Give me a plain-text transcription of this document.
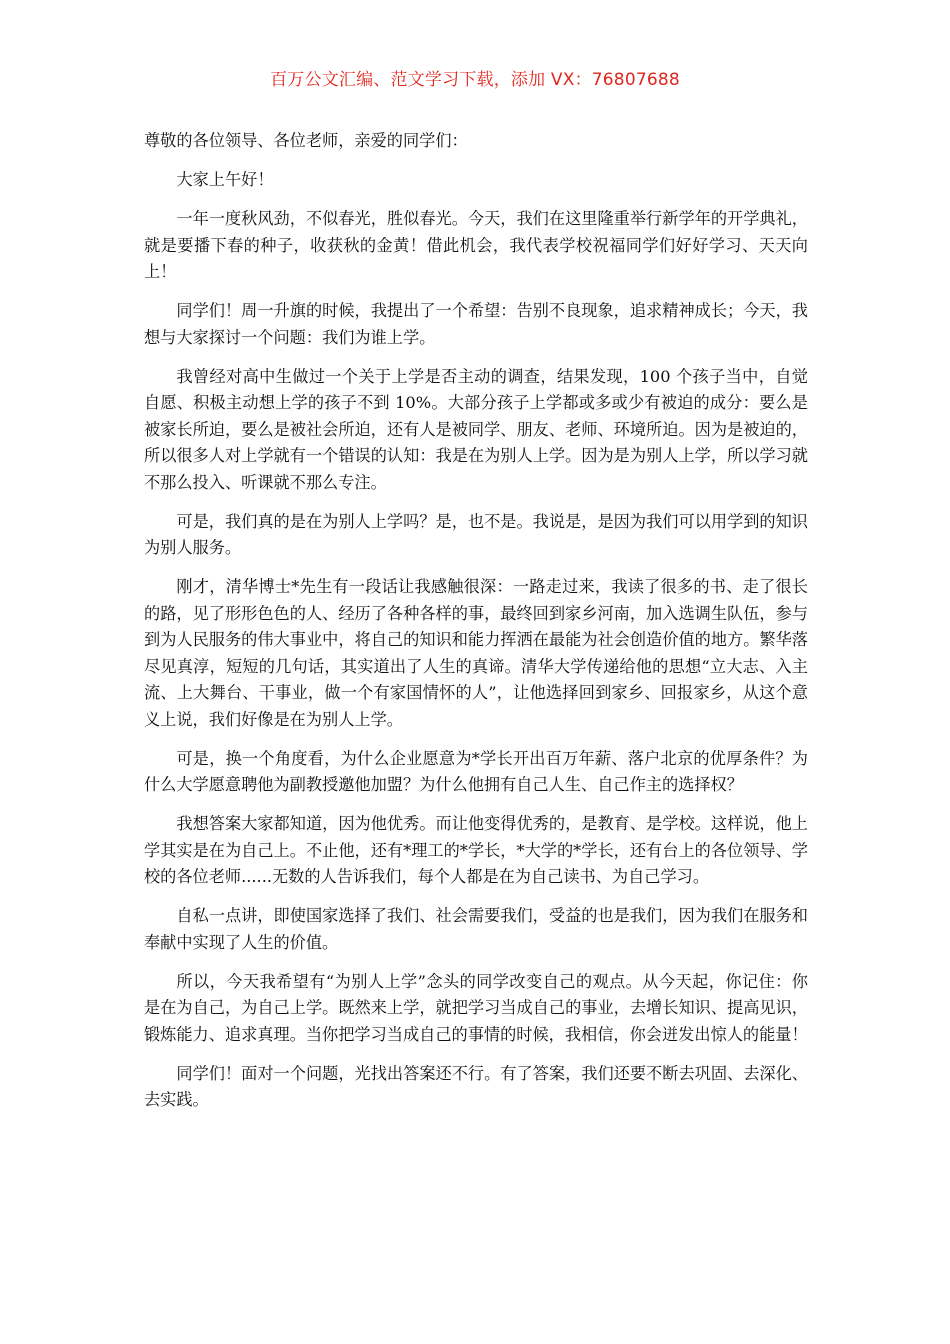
百万公文汇编、范文学习下载，添加 VX：76807688

尊敬的各位领导、各位老师，亲爱的同学们：

大家上午好！

一年一度秋风劲，不似春光，胜似春光。今天，我们在这里隆重举行新学年的开学典礼，就是要播下春的种子，收获秋的金黄！借此机会，我代表学校祝福同学们好好学习、天天向上！

同学们！周一升旗的时候，我提出了一个希望：告别不良现象，追求精神成长；今天，我想与大家探讨一个问题：我们为谁上学。

我曾经对高中生做过一个关于上学是否主动的调查，结果发现，100 个孩子当中，自觉自愿、积极主动想上学的孩子不到 10%。大部分孩子上学都或多或少有被迫的成分：要么是被家长所迫，要么是被社会所迫，还有人是被同学、朋友、老师、环境所迫。因为是被迫的，所以很多人对上学就有一个错误的认知：我是在为别人上学。因为是为别人上学，所以学习就不那么投入、听课就不那么专注。

可是，我们真的是在为别人上学吗？是，也不是。我说是，是因为我们可以用学到的知识为别人服务。

刚才，清华博士*先生有一段话让我感触很深：一路走过来，我读了很多的书、走了很长的路，见了形形色色的人、经历了各种各样的事，最终回到家乡河南，加入选调生队伍，参与到为人民服务的伟大事业中，将自己的知识和能力挥洒在最能为社会创造价值的地方。繁华落尽见真淳，短短的几句话，其实道出了人生的真谛。清华大学传递给他的思想“立大志、入主流、上大舞台、干事业，做一个有家国情怀的人”，让他选择回到家乡、回报家乡，从这个意义上说，我们好像是在为别人上学。

可是，换一个角度看，为什么企业愿意为*学长开出百万年薪、落户北京的优厚条件？为什么大学愿意聘他为副教授邀他加盟？为什么他拥有自己人生、自己作主的选择权？

我想答案大家都知道，因为他优秀。而让他变得优秀的，是教育、是学校。这样说，他上学其实是在为自己上。不止他，还有*理工的*学长，*大学的*学长，还有台上的各位领导、学校的各位老师......无数的人告诉我们，每个人都是在为自己读书、为自己学习。

自私一点讲，即使国家选择了我们、社会需要我们，受益的也是我们，因为我们在服务和奉献中实现了人生的价值。

所以，今天我希望有“为别人上学”念头的同学改变自己的观点。从今天起，你记住：你是在为自己，为自己上学。既然来上学，就把学习当成自己的事业，去增长知识、提高见识，锻炼能力、追求真理。当你把学习当成自己的事情的时候，我相信，你会迸发出惊人的能量！

同学们！面对一个问题，光找出答案还不行。有了答案，我们还要不断去巩固、去深化、去实践。
